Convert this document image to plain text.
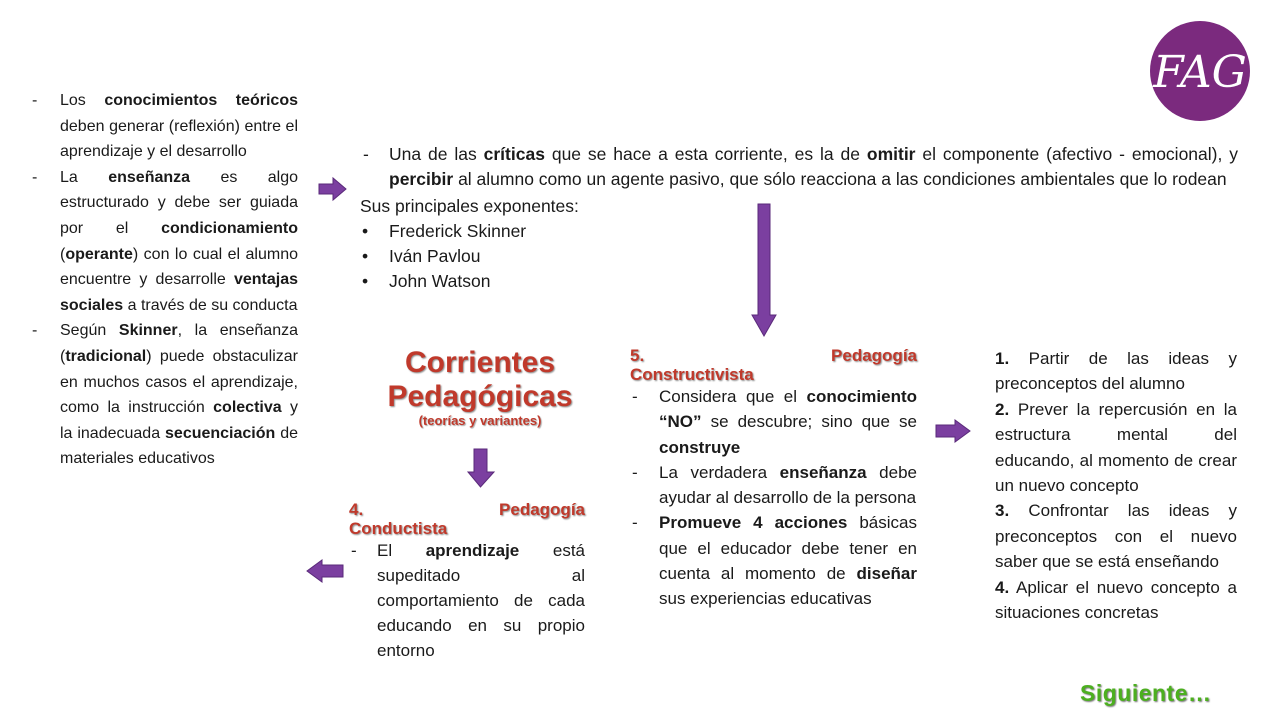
FAG
- Los conocimientos teóricos deben generar (reflexión) entre el aprendizaje y el desarrollo
- La enseñanza es algo estructurado y debe ser guiada por el condicionamiento (operante) con lo cual el alumno encuentre y desarrolle ventajas sociales a través de su conducta
- Según Skinner, la enseñanza (tradicional) puede obstaculizar en muchos casos el aprendizaje, como la instrucción colectiva y la inadecuada secuenciación de materiales educativos
- Una de las críticas que se hace a esta corriente, es la de omitir el componente (afectivo - emocional), y percibir al alumno como un agente pasivo, que sólo reacciona a las condiciones ambientales que lo rodean
Sus principales exponentes:
• Frederick Skinner
• Iván Pavlou
• John Watson
Corrientes
Pedagógicas
(teorías y variantes)
4.	Pedagogía
Conductista
- El aprendizaje está supeditado al comportamiento de cada educando en su propio entorno
5.	Pedagogía
Constructivista
- Considera que el conocimiento “NO” se descubre; sino que se construye
- La verdadera enseñanza debe ayudar al desarrollo de la persona
- Promueve 4 acciones básicas que el educador debe tener en cuenta al momento de diseñar sus experiencias educativas
1. Partir de las ideas y preconceptos del alumno
2. Prever la repercusión en la estructura mental del educando, al momento de crear un nuevo concepto
3. Confrontar las ideas y preconceptos con el nuevo saber que se está enseñando
4. Aplicar el nuevo concepto a situaciones concretas
Siguiente…
